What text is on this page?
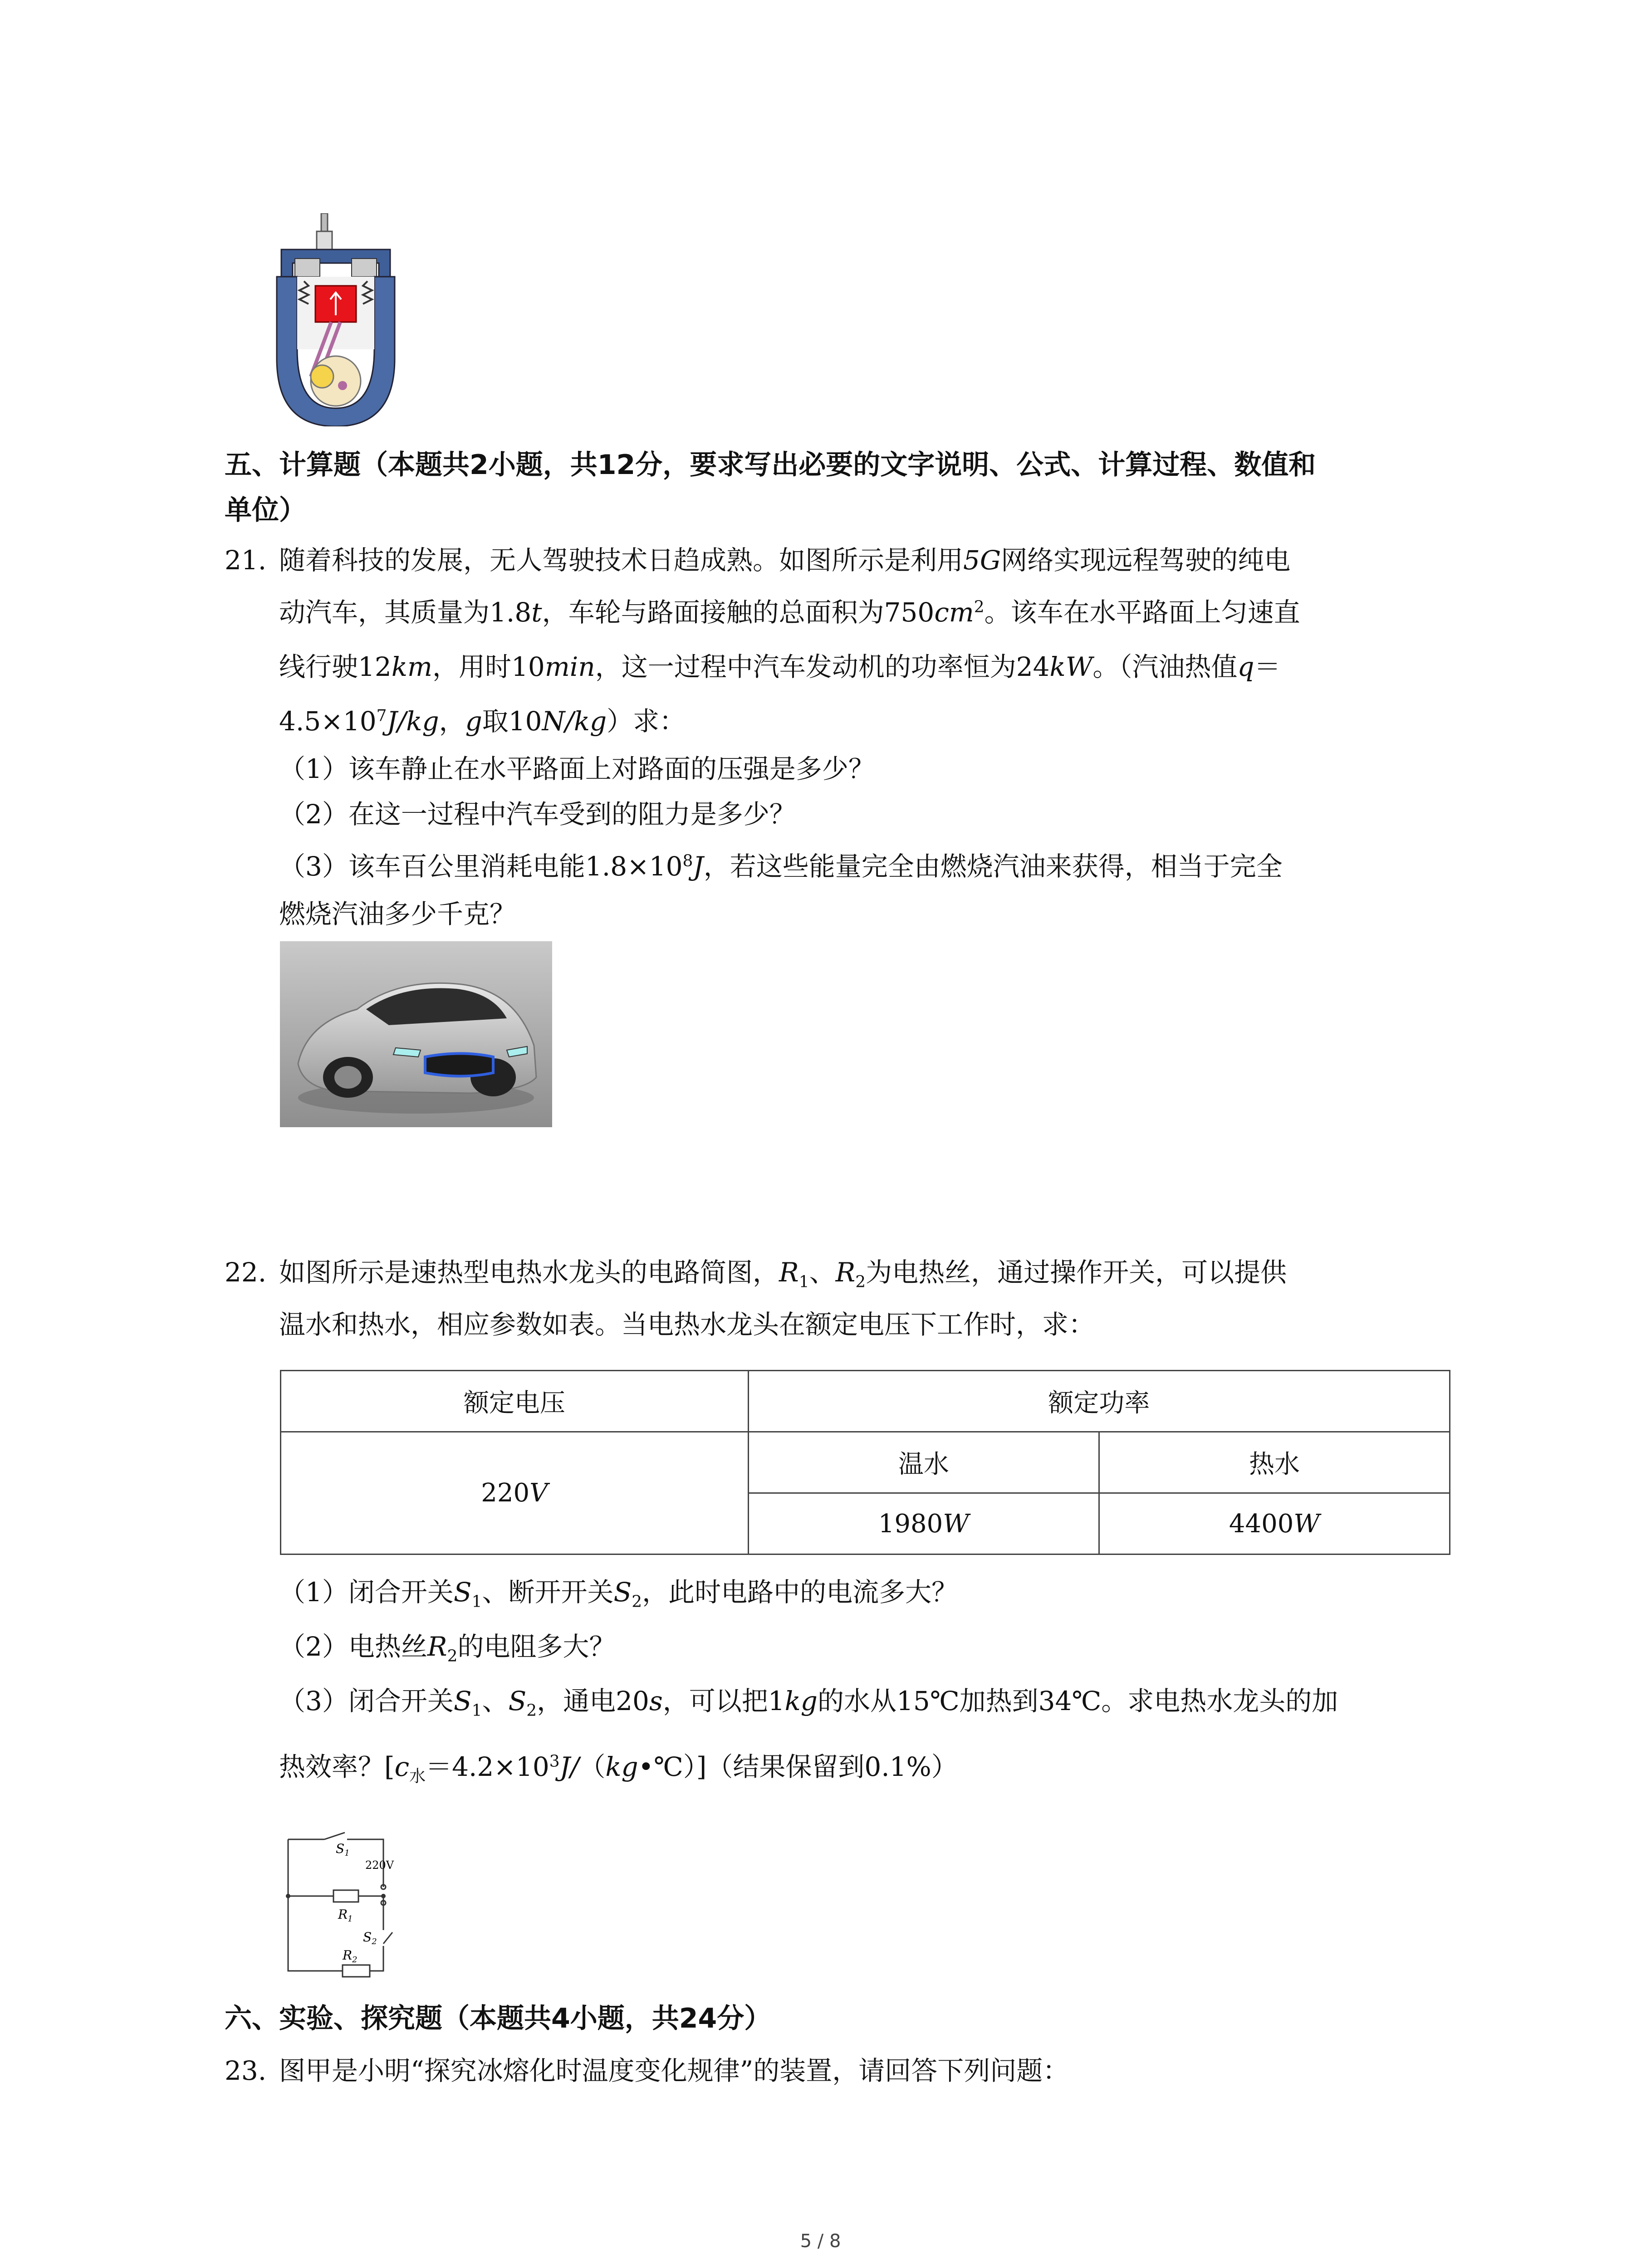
五、计算题（本题共2小题，共12分，要求写出必要的文字说明、公式、计算过程、数值和
单位）
21. 随着科技的发展，无人驾驶技术日趋成熟。如图所示是利用5G网络实现远程驾驶的纯电
动汽车，其质量为1.8t，车轮与路面接触的总面积为$750cm^2$。该车在水平路面上匀速直
线行驶12km，用时10min，这一过程中汽车发动机的功率恒为24kW。（汽油热值q＝
$4.5\times 10^7J/kg$，g取10N/kg）求：
（1）该车静止在水平路面上对路面的压强是多少？
（2）在这一过程中汽车受到的阻力是多少？
（3）该车百公里消耗电能$1.8\times 10^8J$，若这些能量完全由燃烧汽油来获得，相当于完全
燃烧汽油多少千克？
22. 如图所示是速热型电热水龙头的电路简图，$R_1$、$R_2$为电热丝，通过操作开关，可以提供
温水和热水，相应参数如表。当电热水龙头在额定电压下工作时，求：
额定电压	额定功率	
220V	温水	热水
	1980W	4400W
（1）闭合开关$S_1$、断开开关$S_2$，此时电路中的电流多大？
（2）电热丝$R_2$的电阻多大？
（3）闭合开关$S_1$、$S_2$，通电20s，可以把1kg的水从15℃加热到34℃。求电热水龙头的加
热效率？$[c_水=4.2\times 10^3J/(kg•℃)]$（结果保留到0.1%）
$S_1$
220V
$R_1$
$S_2$
$R_2$
六、实验、探究题（本题共4小题，共24分）
23. 图甲是小明“探究冰熔化时温度变化规律”的装置，请回答下列问题：
5 / 8
